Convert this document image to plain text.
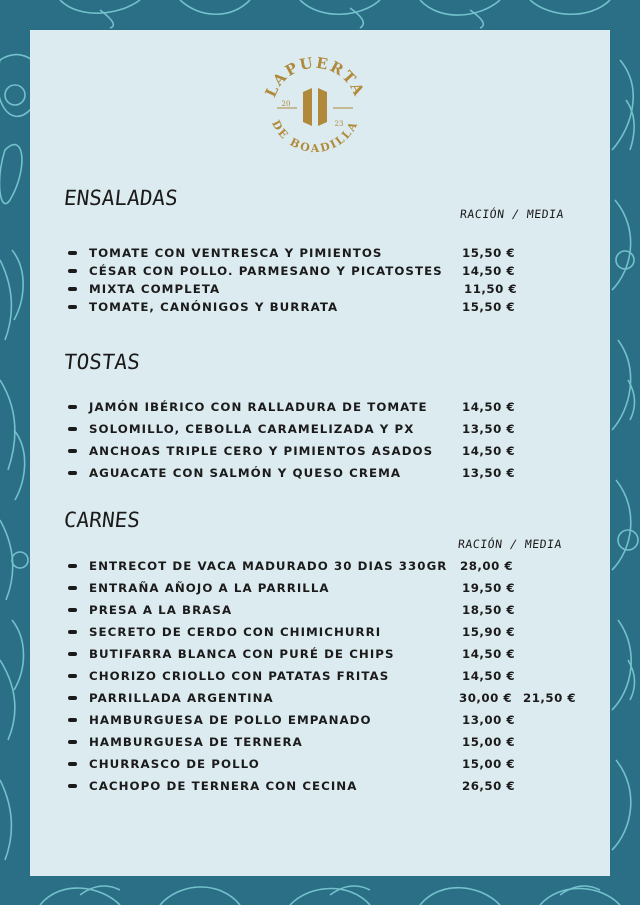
LAPUERTA
DE BOADILLA
20
23
ENSALADAS
RACIÓN / MEDIA
TOMATE CON VENTRESCA Y PIMIENTOS	15,50 €
CÉSAR CON POLLO. PARMESANO Y PICATOSTES 14,50 €
MIXTA COMPLETA	11,50 €
TOMATE, CANÓNIGOS Y BURRATA	15,50 €
TOSTAS
JAMÓN IBÉRICO CON RALLADURA DE TOMATE	14,50 €
SOLOMILLO, CEBOLLA CARAMELIZADA Y PX	13,50 €
ANCHOAS TRIPLE CERO Y PIMIENTOS ASADOS 14,50 €
AGUACATE CON SALMÓN Y QUESO CREMA	13,50 €
CARNES
RACIÓN / MEDIA
ENTRECOT DE VACA MADURADO 30 DIAS 330GR 28,00 €
ENTRAÑA AÑOJO A LA PARRILLA	19,50 €
PRESA A LA BRASA	18,50 €
SECRETO DE CERDO CON CHIMICHURRI	15,90 €
BUTIFARRA BLANCA CON PURÉ DE CHIPS	14,50 €
CHORIZO CRIOLLO CON PATATAS FRITAS	14,50 €
PARRILLADA ARGENTINA	30,00 € 21,50 €
HAMBURGUESA DE POLLO EMPANADO	13,00 €
HAMBURGUESA DE TERNERA	15,00 €
CHURRASCO DE POLLO	15,00 €
CACHOPO DE TERNERA CON CECINA	26,50 €
